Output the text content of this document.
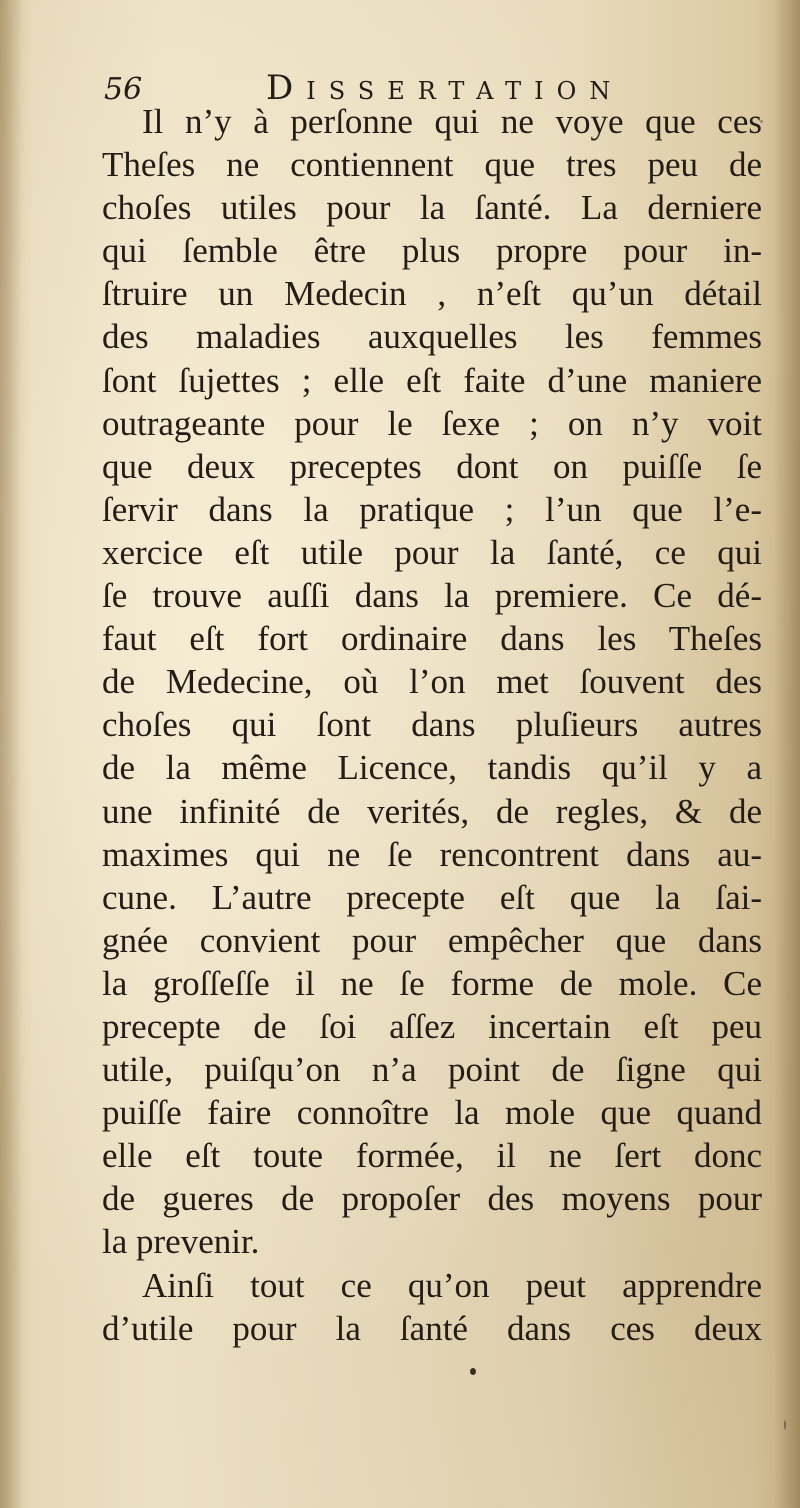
56	Dissertation
Il n’y à perſonne qui ne voye que ces
Theſes ne contiennent que tres peu de
choſes utiles pour la ſanté. La derniere
qui ſemble être plus propre pour in-
ſtruire un Medecin , n’eſt qu’un détail
des maladies auxquelles les femmes
ſont ſujettes ; elle eſt faite d’une maniere
outrageante pour le ſexe ; on n’y voit
que deux preceptes dont on puiſſe ſe
ſervir dans la pratique ; l’un que l’e-
xercice eſt utile pour la ſanté, ce qui
ſe trouve auſſi dans la premiere. Ce dé-
faut eſt fort ordinaire dans les Theſes
de Medecine, où l’on met ſouvent des
choſes qui ſont dans pluſieurs autres
de la même Licence, tandis qu’il y a
une infinité de verités, de regles, & de
maximes qui ne ſe rencontrent dans au-
cune. L’autre precepte eſt que la ſai-
gnée convient pour empêcher que dans
la groſſeſſe il ne ſe forme de mole. Ce
precepte de ſoi aſſez incertain eſt peu
utile, puiſqu’on n’a point de ſigne qui
puiſſe faire connoître la mole que quand
elle eſt toute formée, il ne ſert donc
de gueres de propoſer des moyens pour
la prevenir.
Ainſi tout ce qu’on peut apprendre
d’utile pour la ſanté dans ces deux
